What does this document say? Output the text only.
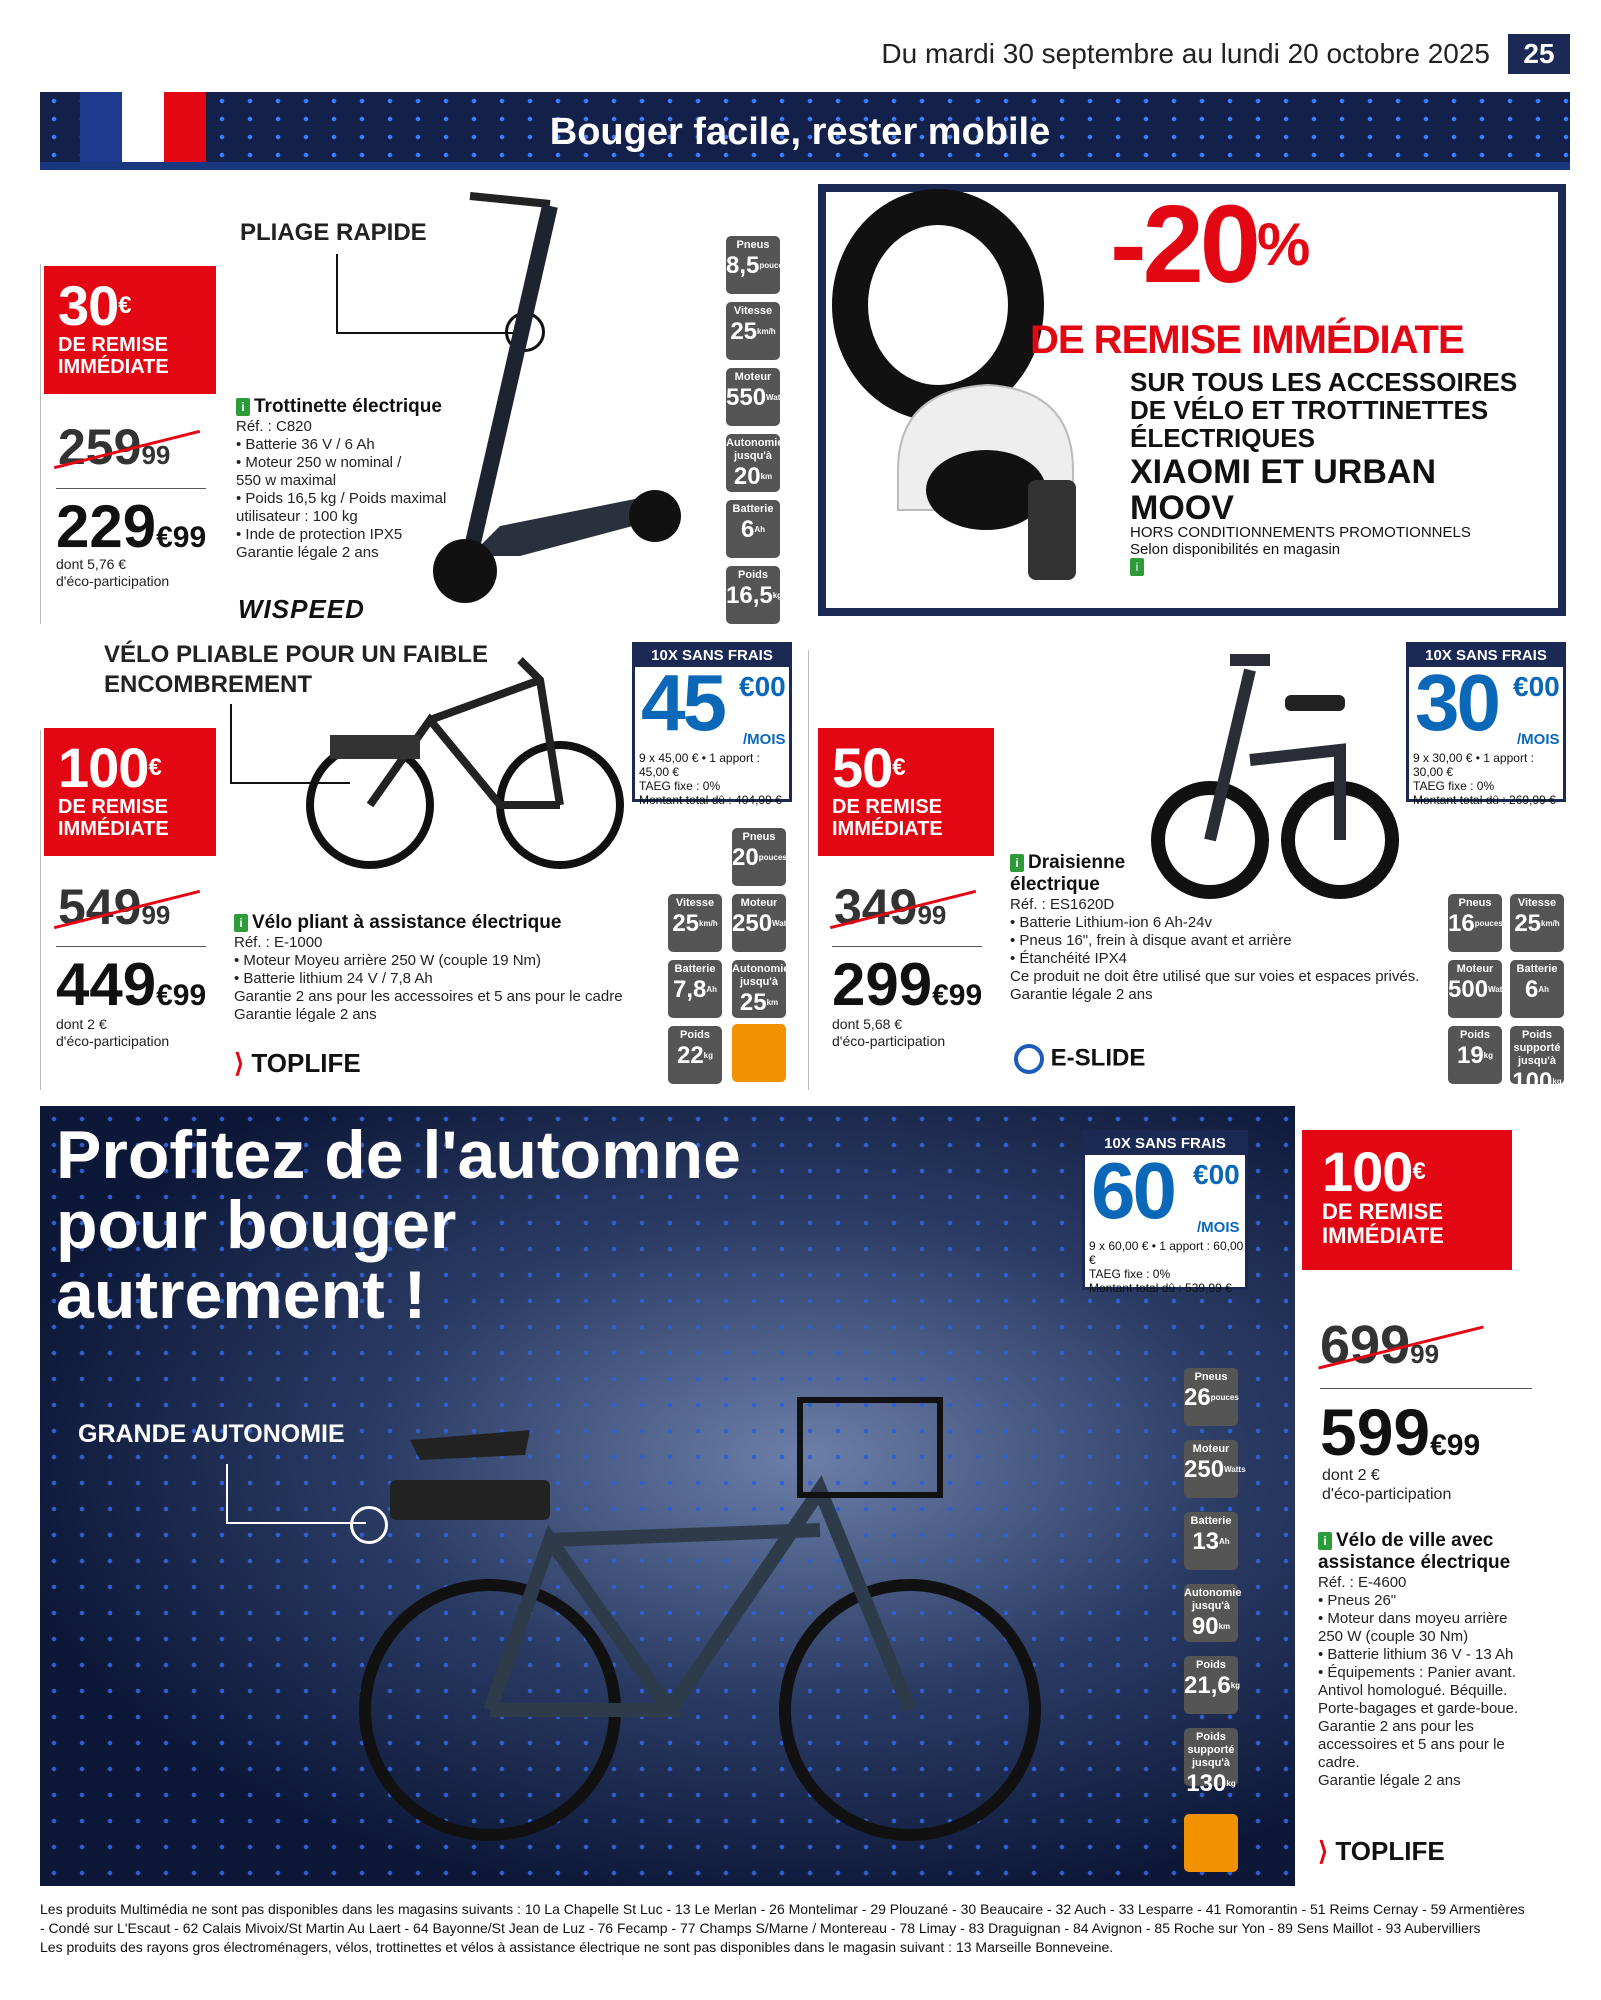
Du mardi 30 septembre au lundi 20 octobre 2025	25
Bouger facile, rester mobile
PLIAGE RAPIDE
30€
DE REMISE
IMMÉDIATE
25999
229€99
dont 5,76 €
d'éco-participation
i Trottinette électrique
Réf. : C820
• Batterie 36 V / 6 Ah
• Moteur 250 w nominal /
550 w maximal
• Poids 16,5 kg / Poids maximal
utilisateur : 100 kg
• Inde de protection IPX5
Garantie légale 2 ans
WISPEED
Pneus
$8,5^{pouces}$
Vitesse
$25^{km/h}$
Moteur
$550^{Watts}$
Autonomie
jusqu'à
$20^{km}$
Batterie
$6^{Ah}$
Poids
$16,5^{kg}$
-20%
DE REMISE IMMÉDIATE
SUR TOUS LES ACCESSOIRES
DE VÉLO ET TROTTINETTES
ÉLECTRIQUES
XIAOMI ET URBAN
MOOV
HORS CONDITIONNEMENTS PROMOTIONNELS
Selon disponibilités en magasin
i
VÉLO PLIABLE POUR UN FAIBLE
ENCOMBREMENT
100€
DE REMISE
IMMÉDIATE
54999
449€99
dont 2 €
d'éco-participation
i Vélo pliant à assistance électrique
Réf. : E-1000
• Moteur Moyeu arrière 250 W (couple 19 Nm)
• Batterie lithium 24 V / 7,8 Ah
Garantie 2 ans pour les accessoires et 5 ans pour le cadre
Garantie légale 2 ans
⟩ TOPLIFE
10X SANS FRAIS
45 €00
/MOIS
9 x 45,00 € • 1 apport : 45,00 €
TAEG fixe : 0%
Montant total dû : 404,99 €
Pneus
$20^{pouces}$
Vitesse
$25^{km/h}$
Moteur
$250^{Watts}$
Batterie
$7,8^{Ah}$
Autonomie
jusqu'à
$25^{km}$
Poids
$22^{kg}$
50€
DE REMISE
IMMÉDIATE
34999
299€99
dont 5,68 €
d'éco-participation
i Draisienne
électrique
Réf. : ES1620D
• Batterie Lithium-ion 6 Ah-24v
• Pneus 16", frein à disque avant et arrière
• Étanchéité IPX4
Ce produit ne doit être utilisé que sur voies et espaces privés.
Garantie légale 2 ans
E-SLIDE
10X SANS FRAIS
30 €00
/MOIS
9 x 30,00 € • 1 apport : 30,00 €
TAEG fixe : 0%
Montant total dû : 269,99 €
Pneus
$16^{pouces}$
Vitesse
$25^{km/h}$
Moteur
$500^{Watts}$
Batterie
$6^{Ah}$
Poids
$19^{kg}$
Poids supporté
jusqu'à
$100^{kg}$
Profitez de l'automne
pour bouger
autrement !
GRANDE AUTONOMIE
10X SANS FRAIS
60 €00
/MOIS
9 x 60,00 € • 1 apport : 60,00 €
TAEG fixe : 0%
Montant total dû : 539,99 €
100€
DE REMISE
IMMÉDIATE
69999
599€99
dont 2 €
d'éco-participation
i Vélo de ville avec
assistance électrique
Réf. : E-4600
• Pneus 26"
• Moteur dans moyeu arrière
250 W (couple 30 Nm)
• Batterie lithium 36 V - 13 Ah
• Équipements : Panier avant.
Antivol homologué. Béquille.
Porte-bagages et garde-boue.
Garantie 2 ans pour les
accessoires et 5 ans pour le
cadre.
Garantie légale 2 ans
⟩ TOPLIFE
Pneus
$26^{pouces}$
Moteur
$250^{Watts}$
Batterie
$13^{Ah}$
Autonomie
jusqu'à
$90^{km}$
Poids
$21,6^{kg}$
Poids supporté
jusqu'à
$130^{kg}$
Les produits Multimédia ne sont pas disponibles dans les magasins suivants : 10 La Chapelle St Luc - 13 Le Merlan - 26 Montelimar - 29 Plouzané - 30 Beaucaire - 32 Auch - 33 Lesparre - 41 Romorantin - 51 Reims Cernay - 59 Armentières
- Condé sur L'Escaut - 62 Calais Mivoix/St Martin Au Laert - 64 Bayonne/St Jean de Luz - 76 Fecamp - 77 Champs S/Marne / Montereau - 78 Limay - 83 Draguignan - 84 Avignon - 85 Roche sur Yon - 89 Sens Maillot - 93 Aubervilliers
Les produits des rayons gros électroménagers, vélos, trottinettes et vélos à assistance électrique ne sont pas disponibles dans le magasin suivant : 13 Marseille Bonneveine.
